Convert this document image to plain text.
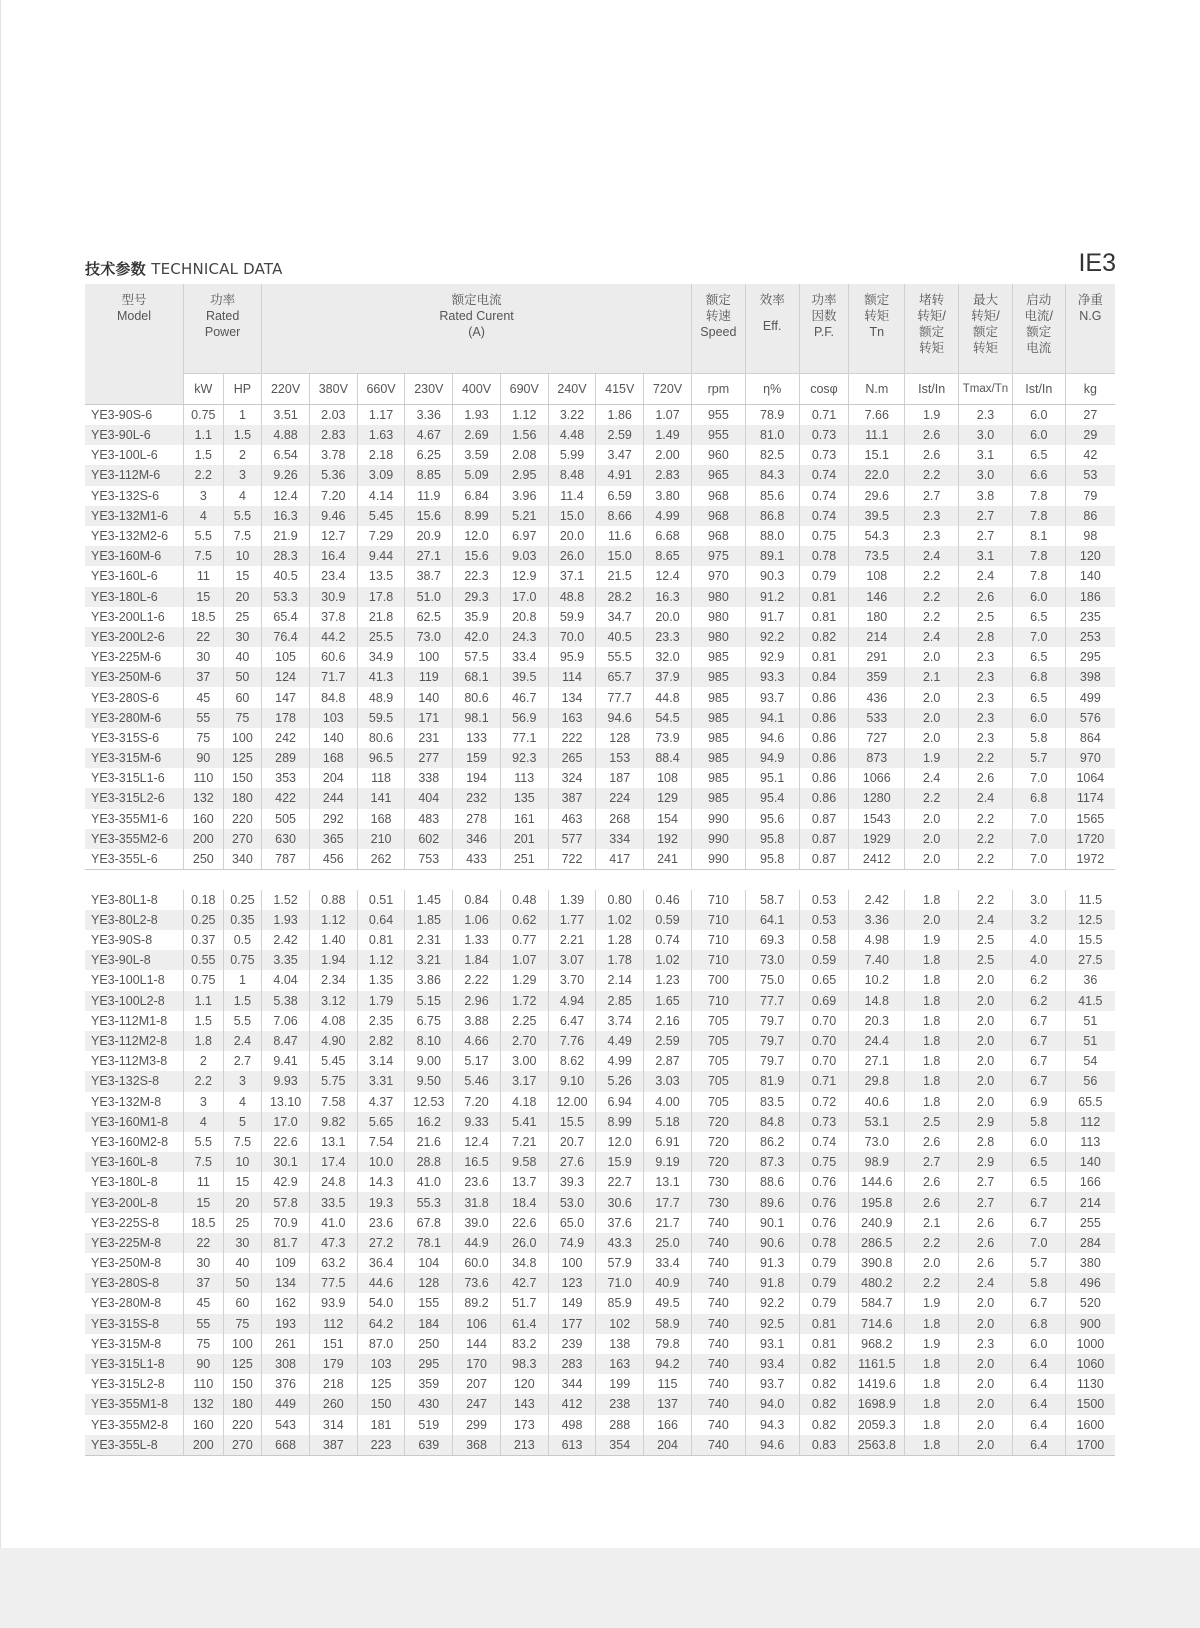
技术参数 TECHNICAL DATA	IE3
型号
Model	功率
Rated
Power		额定电流
Rated Curent
(A)									额定
转速
Speed	效率
Eff.	功率
因数
P.F.	额定
转矩
Tn	堵转
转矩/
额定
转矩	最大
转矩/
额定
转矩	启动
电流/
额定
电流	净重
N.G

	kW	HP	220V	380V	660V	230V	400V	690V	240V	415V	720V	rpm	η%	cosφ	N.m	Ist/In	Tmax/Tn	Ist/In	kg
YE3-90S-6	0.75	1	3.51	2.03	1.17	3.36	1.93	1.12	3.22	1.86	1.07	955	78.9	0.71	7.66	1.9	2.3	6.0	27
YE3-90L-6	1.1	1.5	4.88	2.83	1.63	4.67	2.69	1.56	4.48	2.59	1.49	955	81.0	0.73	11.1	2.6	3.0	6.0	29
YE3-100L-6	1.5	2	6.54	3.78	2.18	6.25	3.59	2.08	5.99	3.47	2.00	960	82.5	0.73	15.1	2.6	3.1	6.5	42
YE3-112M-6	2.2	3	9.26	5.36	3.09	8.85	5.09	2.95	8.48	4.91	2.83	965	84.3	0.74	22.0	2.2	3.0	6.6	53
YE3-132S-6	3	4	12.4	7.20	4.14	11.9	6.84	3.96	11.4	6.59	3.80	968	85.6	0.74	29.6	2.7	3.8	7.8	79
YE3-132M1-6	4	5.5	16.3	9.46	5.45	15.6	8.99	5.21	15.0	8.66	4.99	968	86.8	0.74	39.5	2.3	2.7	7.8	86
YE3-132M2-6	5.5	7.5	21.9	12.7	7.29	20.9	12.0	6.97	20.0	11.6	6.68	968	88.0	0.75	54.3	2.3	2.7	8.1	98
YE3-160M-6	7.5	10	28.3	16.4	9.44	27.1	15.6	9.03	26.0	15.0	8.65	975	89.1	0.78	73.5	2.4	3.1	7.8	120
YE3-160L-6	11	15	40.5	23.4	13.5	38.7	22.3	12.9	37.1	21.5	12.4	970	90.3	0.79	108	2.2	2.4	7.8	140
YE3-180L-6	15	20	53.3	30.9	17.8	51.0	29.3	17.0	48.8	28.2	16.3	980	91.2	0.81	146	2.2	2.6	6.0	186
YE3-200L1-6	18.5	25	65.4	37.8	21.8	62.5	35.9	20.8	59.9	34.7	20.0	980	91.7	0.81	180	2.2	2.5	6.5	235
YE3-200L2-6	22	30	76.4	44.2	25.5	73.0	42.0	24.3	70.0	40.5	23.3	980	92.2	0.82	214	2.4	2.8	7.0	253
YE3-225M-6	30	40	105	60.6	34.9	100	57.5	33.4	95.9	55.5	32.0	985	92.9	0.81	291	2.0	2.3	6.5	295
YE3-250M-6	37	50	124	71.7	41.3	119	68.1	39.5	114	65.7	37.9	985	93.3	0.84	359	2.1	2.3	6.8	398
YE3-280S-6	45	60	147	84.8	48.9	140	80.6	46.7	134	77.7	44.8	985	93.7	0.86	436	2.0	2.3	6.5	499
YE3-280M-6	55	75	178	103	59.5	171	98.1	56.9	163	94.6	54.5	985	94.1	0.86	533	2.0	2.3	6.0	576
YE3-315S-6	75	100	242	140	80.6	231	133	77.1	222	128	73.9	985	94.6	0.86	727	2.0	2.3	5.8	864
YE3-315M-6	90	125	289	168	96.5	277	159	92.3	265	153	88.4	985	94.9	0.86	873	1.9	2.2	5.7	970
YE3-315L1-6	110	150	353	204	118	338	194	113	324	187	108	985	95.1	0.86	1066	2.4	2.6	7.0	1064
YE3-315L2-6	132	180	422	244	141	404	232	135	387	224	129	985	95.4	0.86	1280	2.2	2.4	6.8	1174
YE3-355M1-6	160	220	505	292	168	483	278	161	463	268	154	990	95.6	0.87	1543	2.0	2.2	7.0	1565
YE3-355M2-6	200	270	630	365	210	602	346	201	577	334	192	990	95.8	0.87	1929	2.0	2.2	7.0	1720
YE3-355L-6	250	340	787	456	262	753	433	251	722	417	241	990	95.8	0.87	2412	2.0	2.2	7.0	1972

YE3-80L1-8	0.18	0.25	1.52	0.88	0.51	1.45	0.84	0.48	1.39	0.80	0.46	710	58.7	0.53	2.42	1.8	2.2	3.0	11.5
YE3-80L2-8	0.25	0.35	1.93	1.12	0.64	1.85	1.06	0.62	1.77	1.02	0.59	710	64.1	0.53	3.36	2.0	2.4	3.2	12.5
YE3-90S-8	0.37	0.5	2.42	1.40	0.81	2.31	1.33	0.77	2.21	1.28	0.74	710	69.3	0.58	4.98	1.9	2.5	4.0	15.5
YE3-90L-8	0.55	0.75	3.35	1.94	1.12	3.21	1.84	1.07	3.07	1.78	1.02	710	73.0	0.59	7.40	1.8	2.5	4.0	27.5
YE3-100L1-8	0.75	1	4.04	2.34	1.35	3.86	2.22	1.29	3.70	2.14	1.23	700	75.0	0.65	10.2	1.8	2.0	6.2	36
YE3-100L2-8	1.1	1.5	5.38	3.12	1.79	5.15	2.96	1.72	4.94	2.85	1.65	710	77.7	0.69	14.8	1.8	2.0	6.2	41.5
YE3-112M1-8	1.5	5.5	7.06	4.08	2.35	6.75	3.88	2.25	6.47	3.74	2.16	705	79.7	0.70	20.3	1.8	2.0	6.7	51
YE3-112M2-8	1.8	2.4	8.47	4.90	2.82	8.10	4.66	2.70	7.76	4.49	2.59	705	79.7	0.70	24.4	1.8	2.0	6.7	51
YE3-112M3-8	2	2.7	9.41	5.45	3.14	9.00	5.17	3.00	8.62	4.99	2.87	705	79.7	0.70	27.1	1.8	2.0	6.7	54
YE3-132S-8	2.2	3	9.93	5.75	3.31	9.50	5.46	3.17	9.10	5.26	3.03	705	81.9	0.71	29.8	1.8	2.0	6.7	56
YE3-132M-8	3	4	13.10	7.58	4.37	12.53	7.20	4.18	12.00	6.94	4.00	705	83.5	0.72	40.6	1.8	2.0	6.9	65.5
YE3-160M1-8	4	5	17.0	9.82	5.65	16.2	9.33	5.41	15.5	8.99	5.18	720	84.8	0.73	53.1	2.5	2.9	5.8	112
YE3-160M2-8	5.5	7.5	22.6	13.1	7.54	21.6	12.4	7.21	20.7	12.0	6.91	720	86.2	0.74	73.0	2.6	2.8	6.0	113
YE3-160L-8	7.5	10	30.1	17.4	10.0	28.8	16.5	9.58	27.6	15.9	9.19	720	87.3	0.75	98.9	2.7	2.9	6.5	140
YE3-180L-8	11	15	42.9	24.8	14.3	41.0	23.6	13.7	39.3	22.7	13.1	730	88.6	0.76	144.6	2.6	2.7	6.5	166
YE3-200L-8	15	20	57.8	33.5	19.3	55.3	31.8	18.4	53.0	30.6	17.7	730	89.6	0.76	195.8	2.6	2.7	6.7	214
YE3-225S-8	18.5	25	70.9	41.0	23.6	67.8	39.0	22.6	65.0	37.6	21.7	740	90.1	0.76	240.9	2.1	2.6	6.7	255
YE3-225M-8	22	30	81.7	47.3	27.2	78.1	44.9	26.0	74.9	43.3	25.0	740	90.6	0.78	286.5	2.2	2.6	7.0	284
YE3-250M-8	30	40	109	63.2	36.4	104	60.0	34.8	100	57.9	33.4	740	91.3	0.79	390.8	2.0	2.6	5.7	380
YE3-280S-8	37	50	134	77.5	44.6	128	73.6	42.7	123	71.0	40.9	740	91.8	0.79	480.2	2.2	2.4	5.8	496
YE3-280M-8	45	60	162	93.9	54.0	155	89.2	51.7	149	85.9	49.5	740	92.2	0.79	584.7	1.9	2.0	6.7	520
YE3-315S-8	55	75	193	112	64.2	184	106	61.4	177	102	58.9	740	92.5	0.81	714.6	1.8	2.0	6.8	900
YE3-315M-8	75	100	261	151	87.0	250	144	83.2	239	138	79.8	740	93.1	0.81	968.2	1.9	2.3	6.0	1000
YE3-315L1-8	90	125	308	179	103	295	170	98.3	283	163	94.2	740	93.4	0.82	1161.5	1.8	2.0	6.4	1060
YE3-315L2-8	110	150	376	218	125	359	207	120	344	199	115	740	93.7	0.82	1419.6	1.8	2.0	6.4	1130
YE3-355M1-8	132	180	449	260	150	430	247	143	412	238	137	740	94.0	0.82	1698.9	1.8	2.0	6.4	1500
YE3-355M2-8	160	220	543	314	181	519	299	173	498	288	166	740	94.3	0.82	2059.3	1.8	2.0	6.4	1600
YE3-355L-8	200	270	668	387	223	639	368	213	613	354	204	740	94.6	0.83	2563.8	1.8	2.0	6.4	1700
